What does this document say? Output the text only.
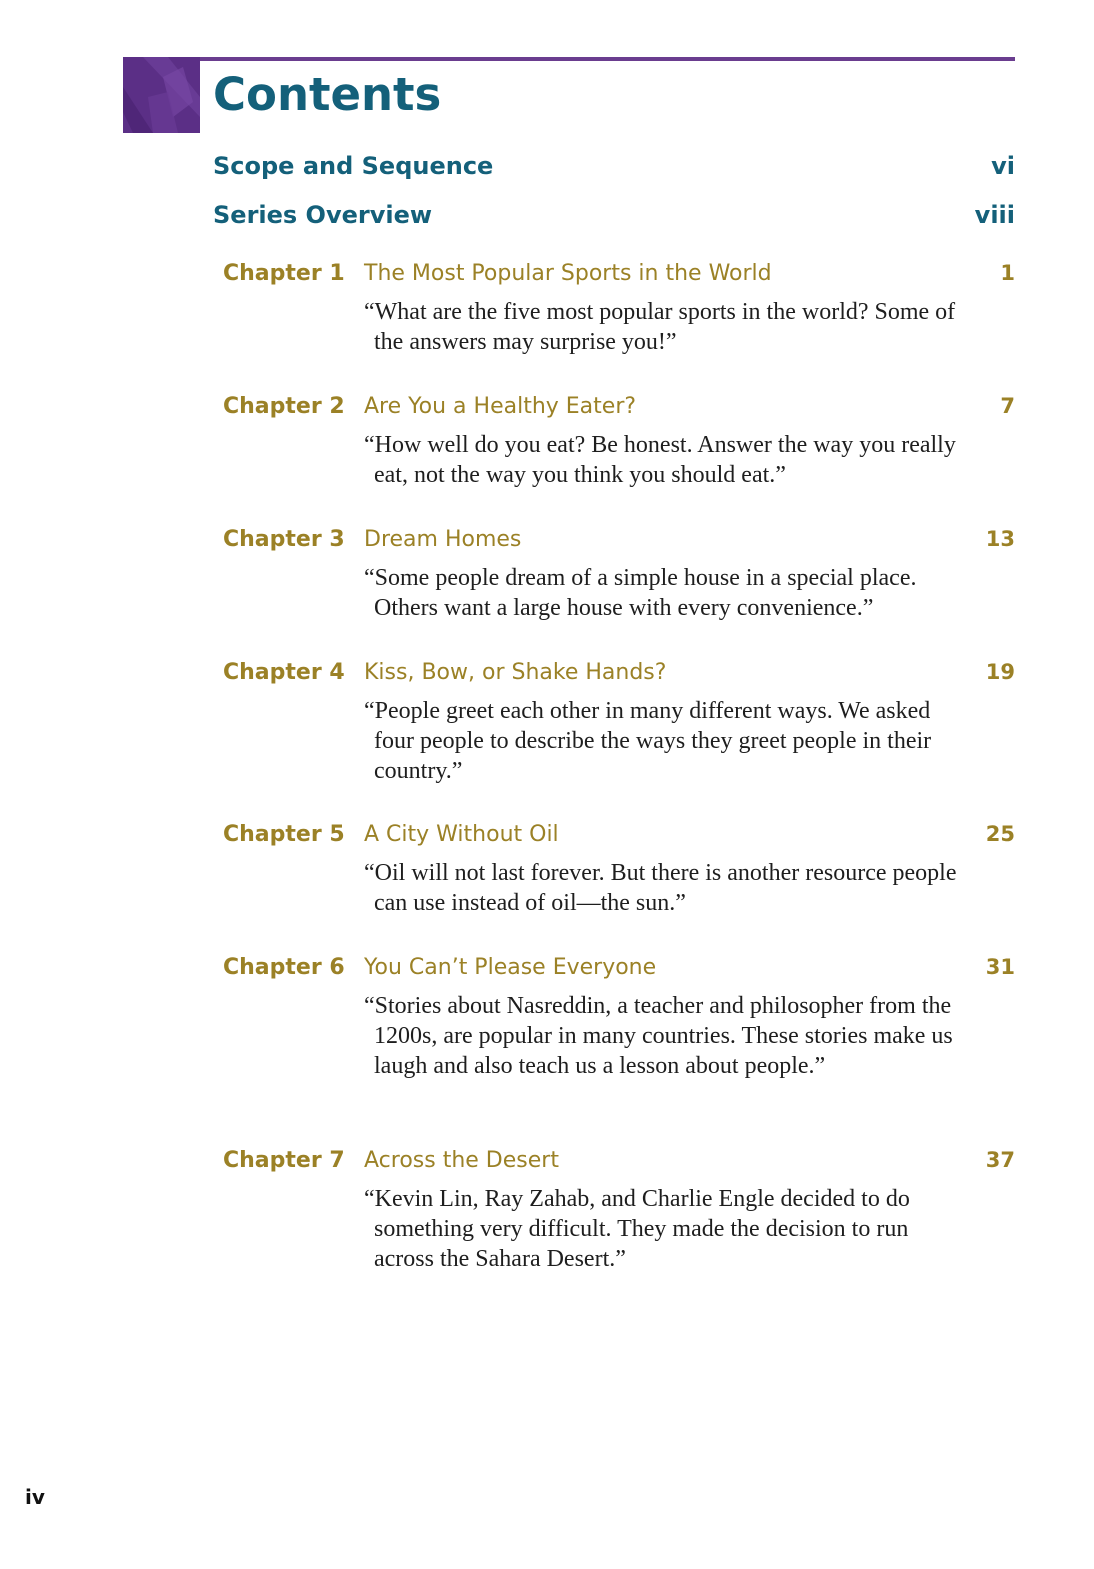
Contents
Scope and Sequence	vi
Series Overview	viii
Chapter 1 The Most Popular Sports in the World	1
“What are the five most popular sports in the world? Some of the answers may surprise you!”
Chapter 2 Are You a Healthy Eater?	7
“How well do you eat? Be honest. Answer the way you really eat, not the way you think you should eat.”
Chapter 3 Dream Homes	13
“Some people dream of a simple house in a special place. Others want a large house with every convenience.”
Chapter 4 Kiss, Bow, or Shake Hands?	19
“People greet each other in many different ways. We asked four people to describe the ways they greet people in their country.”
Chapter 5 A City Without Oil	25
“Oil will not last forever. But there is another resource people can use instead of oil—the sun.”
Chapter 6 You Can’t Please Everyone	31
“Stories about Nasreddin, a teacher and philosopher from the 1200s, are popular in many countries. These stories make us laugh and also teach us a lesson about people.”
Chapter 7 Across the Desert	37
“Kevin Lin, Ray Zahab, and Charlie Engle decided to do something very difficult. They made the decision to run across the Sahara Desert.”
iv
